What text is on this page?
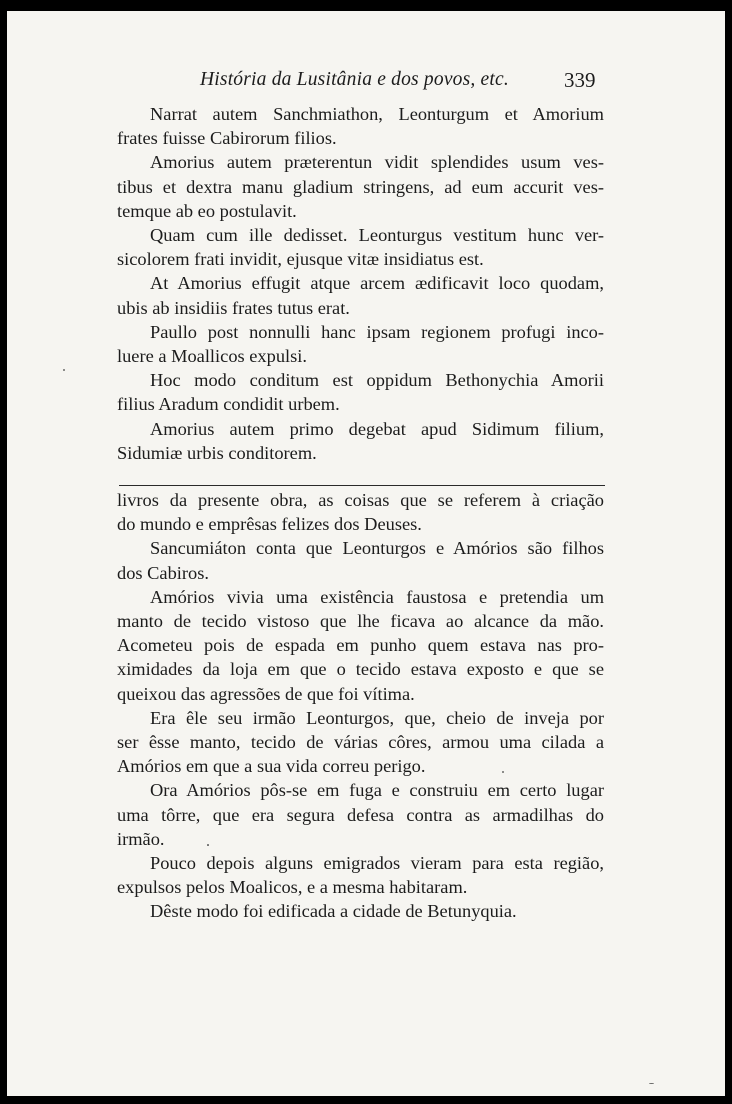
História da Lusitânia e dos povos, etc.	339

Narrat autem Sanchmiathon, Leonturgum et Amorium
frates fuisse Cabirorum filios.

Amorius autem præterentun vidit splendides usum ves-
tibus et dextra manu gladium stringens, ad eum accurit ves-
temque ab eo postulavit.

Quam cum ille dedisset. Leonturgus vestitum hunc ver-
sicolorem frati invidit, ejusque vitæ insidiatus est.

At Amorius effugit atque arcem ædificavit loco quodam,
ubis ab insidiis frates tutus erat.

Paullo post nonnulli hanc ipsam regionem profugi inco-
luere a Moallicos expulsi.

Hoc modo conditum est oppidum Bethonychia Amorii
filius Aradum condidit urbem.

Amorius autem primo degebat apud Sidimum filium,
Sidumiæ urbis conditorem.

livros da presente obra, as coisas que se referem à criação
do mundo e emprêsas felizes dos Deuses.

Sancumiáton conta que Leonturgos e Amórios são filhos
dos Cabiros.

Amórios vivia uma existência faustosa e pretendia um
manto de tecido vistoso que lhe ficava ao alcance da mão.
Acometeu pois de espada em punho quem estava nas pro-
ximidades da loja em que o tecido estava exposto e que se
queixou das agressões de que foi vítima.

Era êle seu irmão Leonturgos, que, cheio de inveja por
ser êsse manto, tecido de várias côres, armou uma cilada a
Amórios em que a sua vida correu perigo.

Ora Amórios pôs-se em fuga e construiu em certo lugar
uma tôrre, que era segura defesa contra as armadilhas do
irmão.

Pouco depois alguns emigrados vieram para esta região,
expulsos pelos Moalicos, e a mesma habitaram.

Dêste modo foi edificada a cidade de Betunyquia.
